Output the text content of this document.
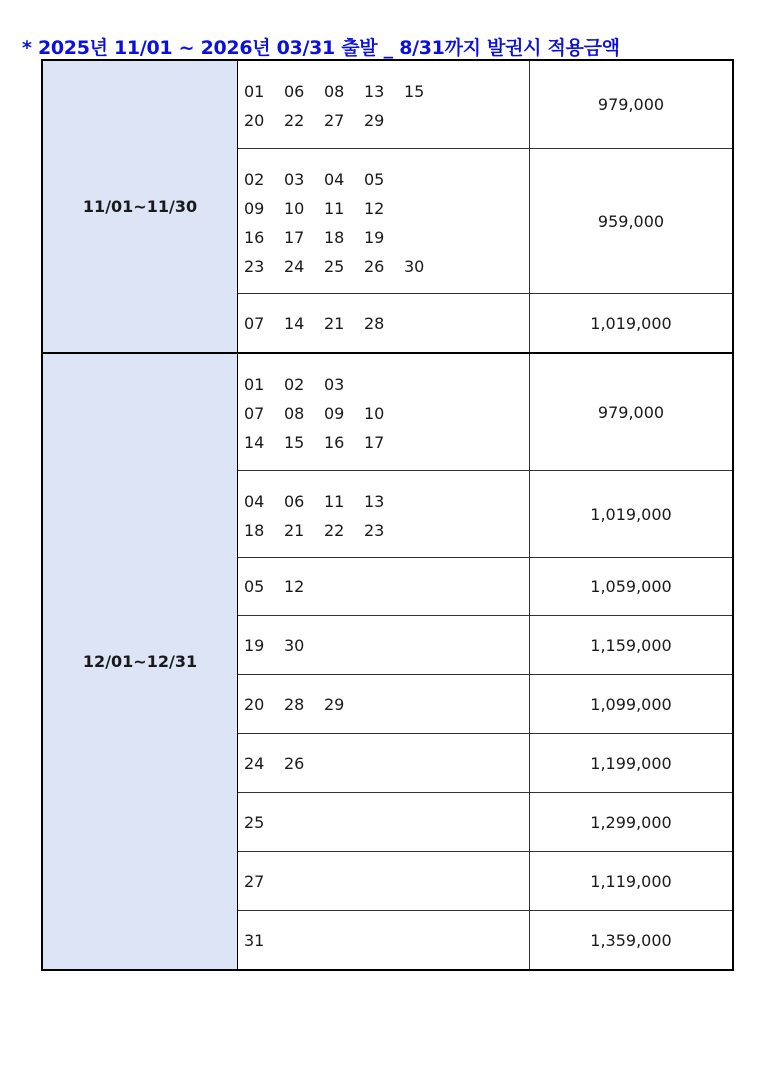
* 2025년 11/01 ~ 2026년 03/31 출발 _ 8/31까지 발권시 적용금액
11/01~11/30
01	06	08	13	15
20	22	27	29
979,000
02	03	04	05
09	10	11	12
16	17	18	19
23	24	25	26	30
959,000
07	14	21	28	1,019,000
12/01~12/31
01	02	03
07	08	09	10
14	15	16	17
979,000
04	06	11	13
18	21	22	23
1,019,000
05	12	1,059,000
19	30	1,159,000
20	28	29	1,099,000
24	26	1,199,000
25	1,299,000
27	1,119,000
31	1,359,000
